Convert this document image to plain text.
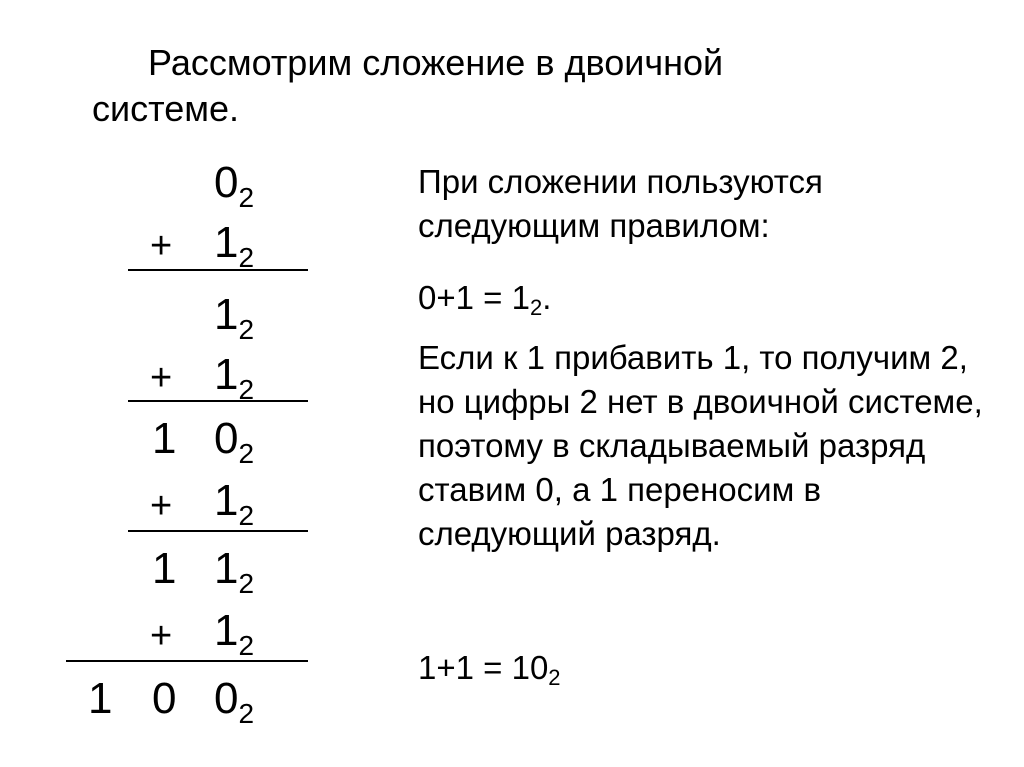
Рассмотрим сложение в двоичной
системе.
$0_2$
+ $1_2$
$1_2$
+ $1_2$
1 $0_2$
+ $1_2$
1 $1_2$
+ $1_2$
1 0 $0_2$
При сложении пользуются следующим правилом:
$0+1 = 1_2$.
Если к 1 прибавить 1, то получим 2, но цифры 2 нет в двоичной системе, поэтому в складываемый разряд ставим 0, а 1 переносим в следующий разряд.
$1+1 = 10_2$
